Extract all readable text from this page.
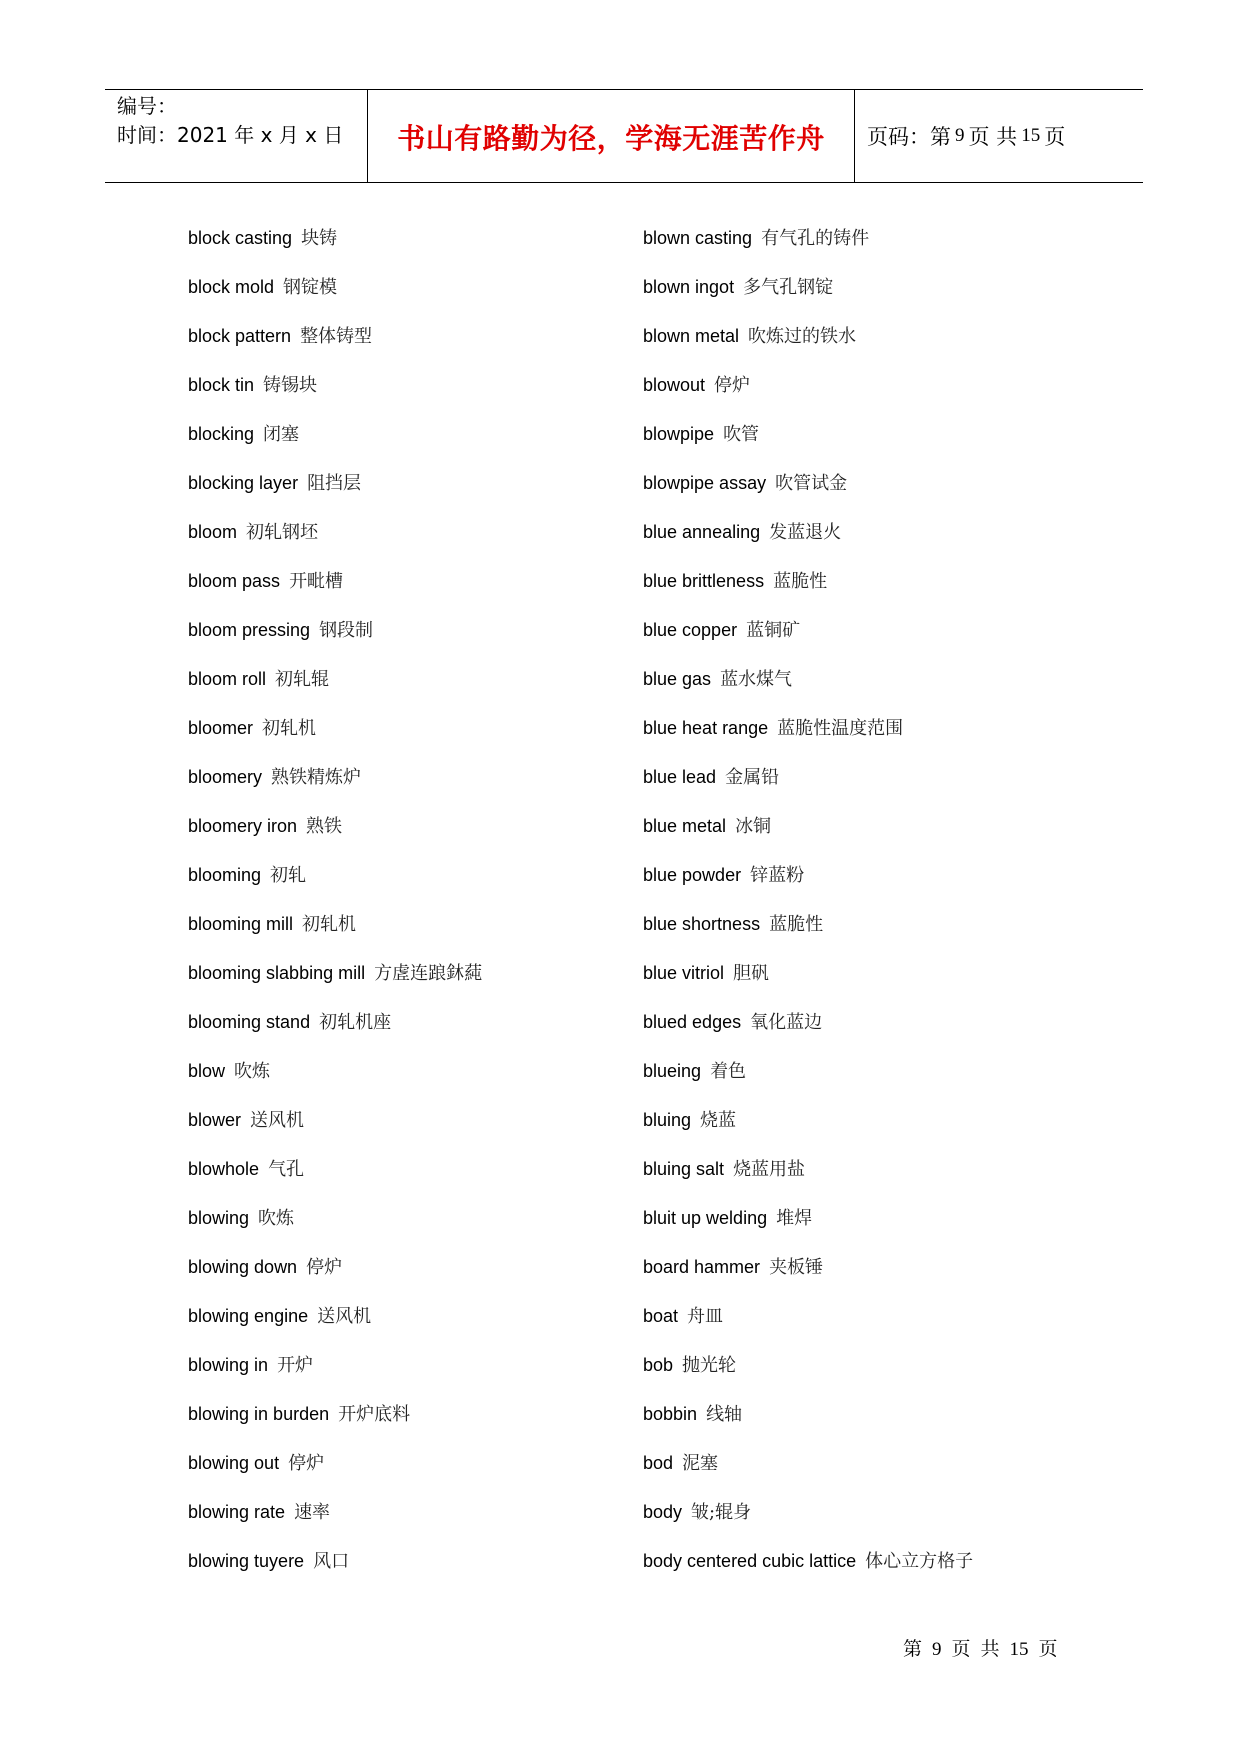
编号：
时间：2021 年 x 月 x 日	书山有路勤为径，学海无涯苦作舟 页码：第 9 页 共 15 页
block casting 块铸	blown casting 有气孔的铸件
block mold 钢锭模	blown ingot 多气孔钢锭
block pattern 整体铸型	blown metal 吹炼过的铁水
block tin 铸锡块	blowout 停炉
blocking 闭塞	blowpipe 吹管
blocking layer 阻挡层	blowpipe assay 吹管试金
bloom 初轧钢坯	blue annealing 发蓝退火
bloom pass 开毗槽	blue brittleness 蓝脆性
bloom pressing 钢段制	blue copper 蓝铜矿
bloom roll 初轧辊	blue gas 蓝水煤气
bloomer 初轧机	blue heat range 蓝脆性温度范围
bloomery 熟铁精炼炉	blue lead 金属铅
bloomery iron 熟铁	blue metal 冰铜
blooming 初轧	blue powder 锌蓝粉
blooming mill 初轧机	blue shortness 蓝脆性
blooming slabbing mill 方虗连踉鈢蒓	blue vitriol 胆矾
blooming stand 初轧机座	blued edges 氧化蓝边
blow 吹炼	blueing 着色
blower 送风机	bluing 烧蓝
blowhole 气孔	bluing salt 烧蓝用盐
blowing 吹炼	bluit up welding 堆焊
blowing down 停炉	board hammer 夹板锤
blowing engine 送风机	boat 舟皿
blowing in 开炉	bob 抛光轮
blowing in burden 开炉底料	bobbin 线轴
blowing out 停炉	bod 泥塞
blowing rate 速率	body 皱;辊身
blowing tuyere 风口	body centered cubic lattice 体心立方格子
第 9 页 共 15 页
